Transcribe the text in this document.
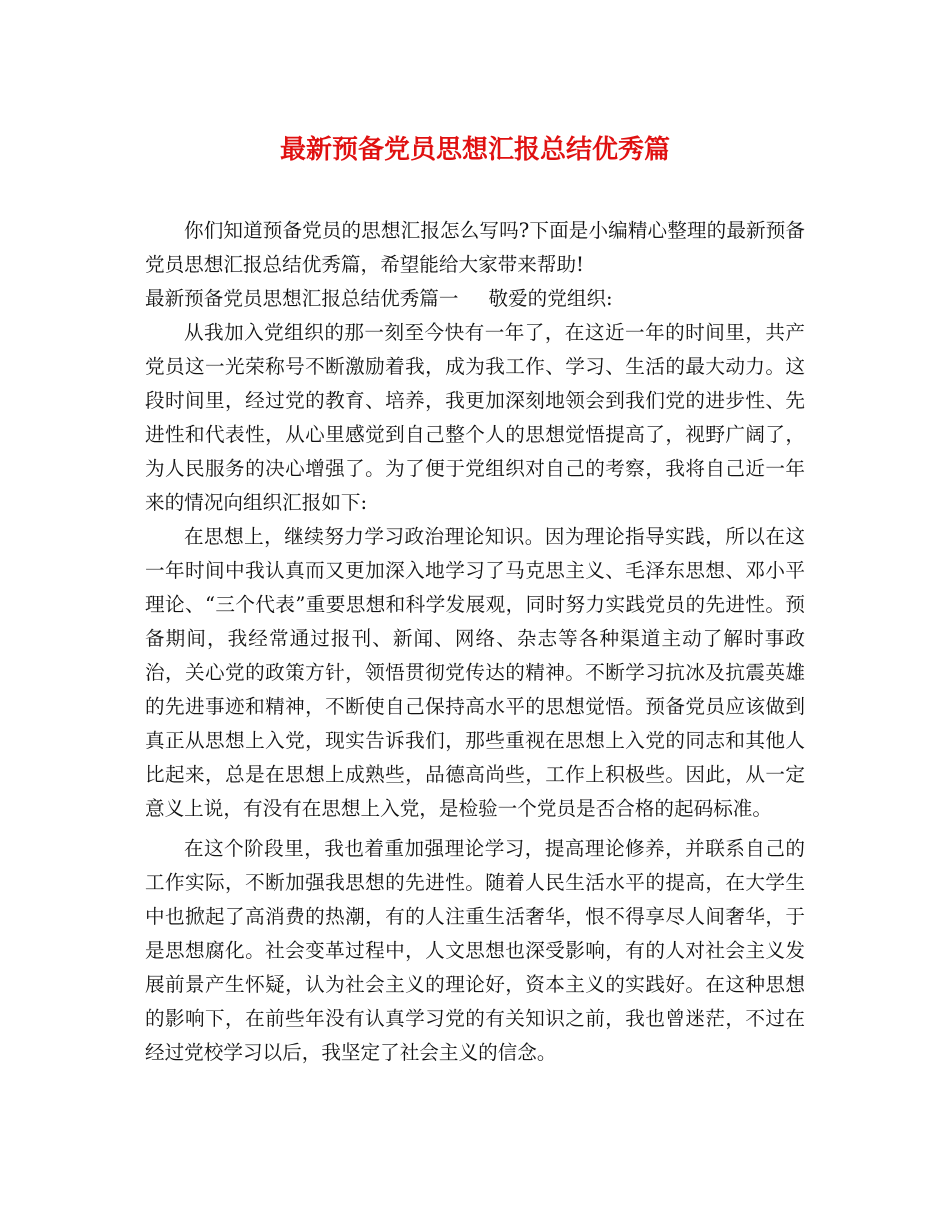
最新预备党员思想汇报总结优秀篇

你们知道预备党员的思想汇报怎么写吗?下面是小编精心整理的最新预备党员思想汇报总结优秀篇，希望能给大家带来帮助!

最新预备党员思想汇报总结优秀篇一 敬爱的党组织:

从我加入党组织的那一刻至今快有一年了，在这近一年的时间里，共产党员这一光荣称号不断激励着我，成为我工作、学习、生活的最大动力。这段时间里，经过党的教育、培养，我更加深刻地领会到我们党的进步性、先进性和代表性，从心里感觉到自己整个人的思想觉悟提高了，视野广阔了，为人民服务的决心增强了。为了便于党组织对自己的考察，我将自己近一年来的情况向组织汇报如下:

在思想上，继续努力学习政治理论知识。因为理论指导实践，所以在这一年时间中我认真而又更加深入地学习了马克思主义、毛泽东思想、邓小平理论、“三个代表”重要思想和科学发展观，同时努力实践党员的先进性。预备期间，我经常通过报刊、新闻、网络、杂志等各种渠道主动了解时事政治，关心党的政策方针，领悟贯彻党传达的精神。不断学习抗冰及抗震英雄的先进事迹和精神，不断使自己保持高水平的思想觉悟。预备党员应该做到真正从思想上入党，现实告诉我们，那些重视在思想上入党的同志和其他人比起来，总是在思想上成熟些，品德高尚些，工作上积极些。因此，从一定意义上说，有没有在思想上入党，是检验一个党员是否合格的起码标准。

在这个阶段里，我也着重加强理论学习，提高理论修养，并联系自己的工作实际，不断加强我思想的先进性。随着人民生活水平的提高，在大学生中也掀起了高消费的热潮，有的人注重生活奢华，恨不得享尽人间奢华，于是思想腐化。社会变革过程中，人文思想也深受影响，有的人对社会主义发展前景产生怀疑，认为社会主义的理论好，资本主义的实践好。在这种思想的影响下，在前些年没有认真学习党的有关知识之前，我也曾迷茫，不过在经过党校学习以后，我坚定了社会主义的信念。
